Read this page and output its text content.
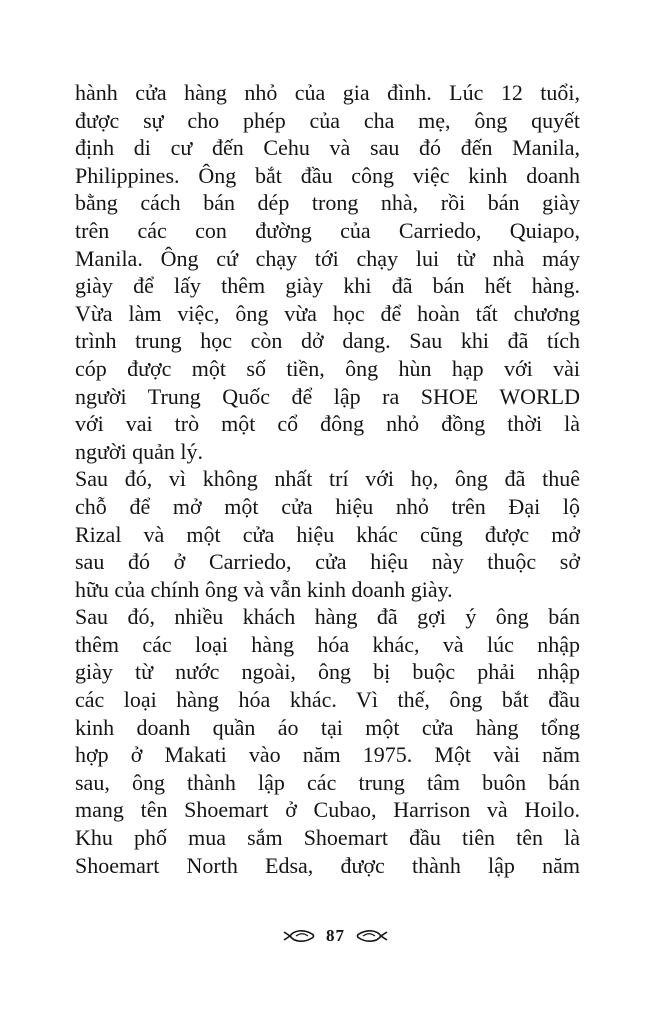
hành cửa hàng nhỏ của gia đình. Lúc 12 tuổi,
được sự cho phép của cha mẹ, ông quyết
định di cư đến Cehu và sau đó đến Manila,
Philippines. Ông bắt đầu công việc kinh doanh
bằng cách bán dép trong nhà, rồi bán giày
trên các con đường của Carriedo, Quiapo,
Manila. Ông cứ chạy tới chạy lui từ nhà máy
giày để lấy thêm giày khi đã bán hết hàng.
Vừa làm việc, ông vừa học để hoàn tất chương
trình trung học còn dở dang. Sau khi đã tích
cóp được một số tiền, ông hùn hạp với vài
người Trung Quốc để lập ra SHOE WORLD
với vai trò một cổ đông nhỏ đồng thời là
người quản lý.
Sau đó, vì không nhất trí với họ, ông đã thuê
chỗ để mở một cửa hiệu nhỏ trên Đại lộ
Rizal và một cửa hiệu khác cũng được mở
sau đó ở Carriedo, cửa hiệu này thuộc sở
hữu của chính ông và vẫn kinh doanh giày.
Sau đó, nhiều khách hàng đã gợi ý ông bán
thêm các loại hàng hóa khác, và lúc nhập
giày từ nước ngoài, ông bị buộc phải nhập
các loại hàng hóa khác. Vì thế, ông bắt đầu
kinh doanh quần áo tại một cửa hàng tổng
hợp ở Makati vào năm 1975. Một vài năm
sau, ông thành lập các trung tâm buôn bán
mang tên Shoemart ở Cubao, Harrison và Hoilo.
Khu phố mua sắm Shoemart đầu tiên tên là
Shoemart North Edsa, được thành lập năm
87
